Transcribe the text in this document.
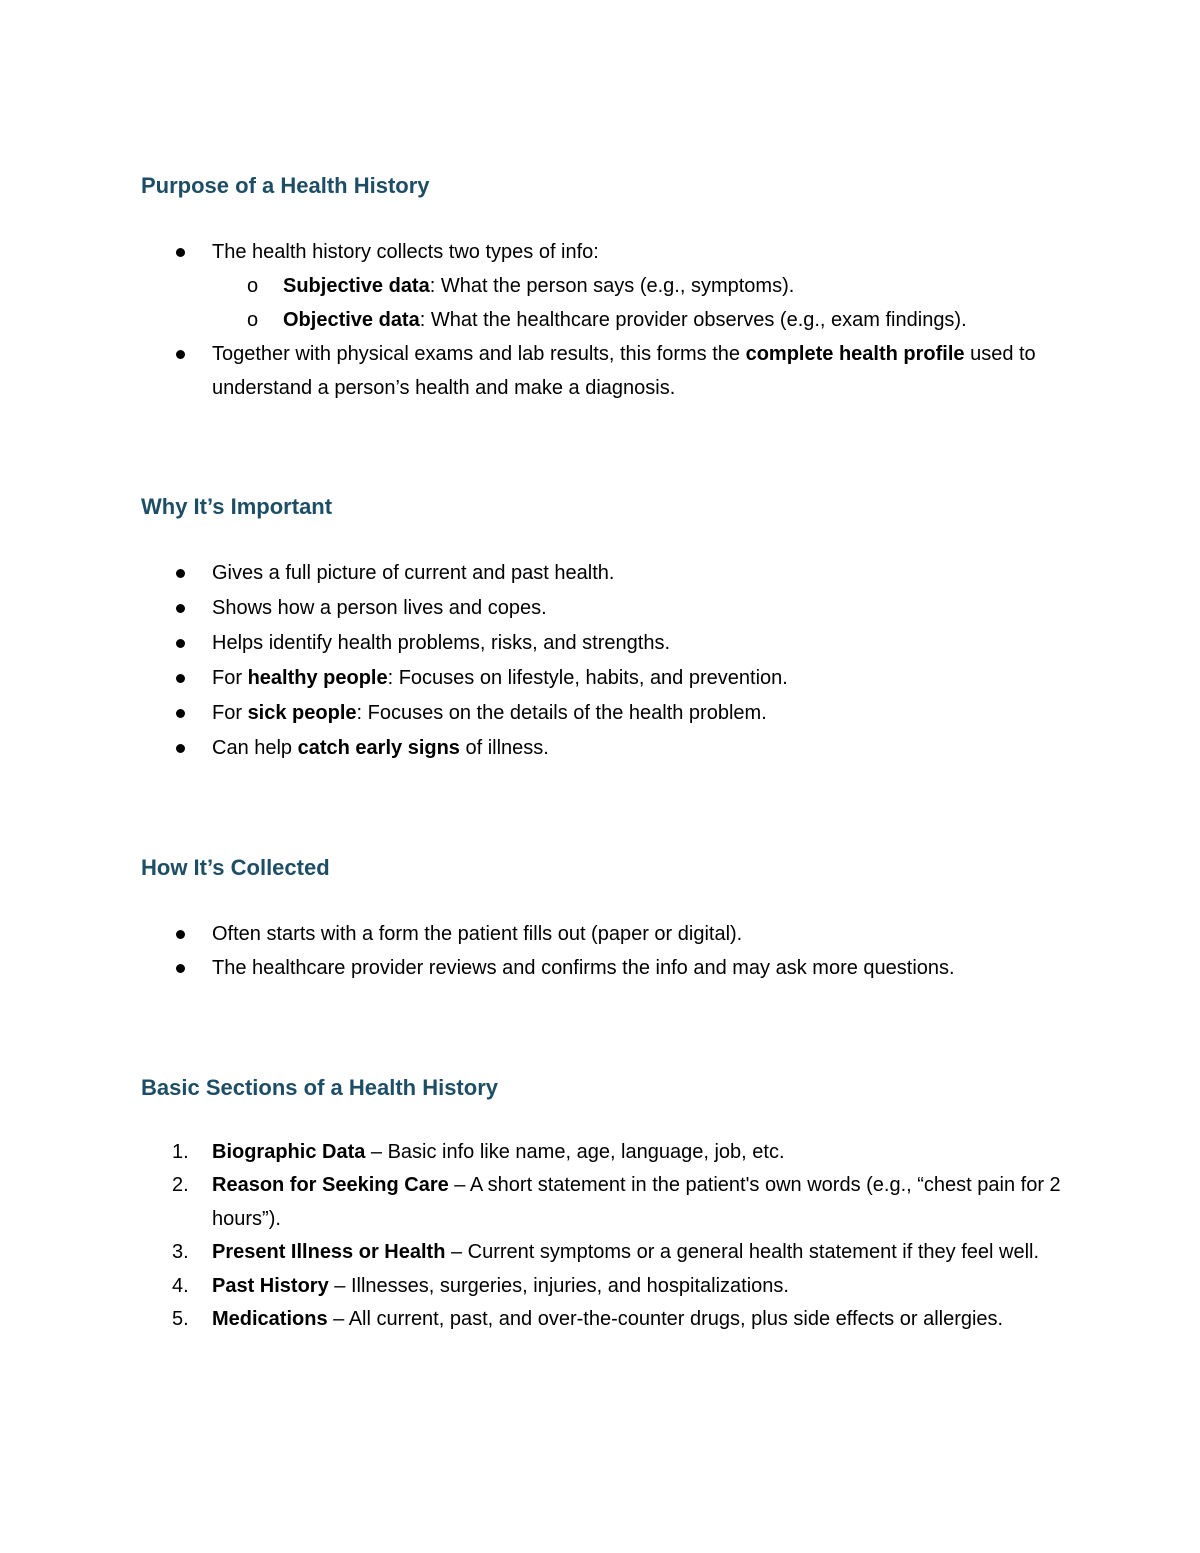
Purpose of a Health History
The health history collects two types of info:
o Subjective data: What the person says (e.g., symptoms).
o Objective data: What the healthcare provider observes (e.g., exam findings).
Together with physical exams and lab results, this forms the complete health profile used to understand a person’s health and make a diagnosis.
Why It’s Important
Gives a full picture of current and past health.
Shows how a person lives and copes.
Helps identify health problems, risks, and strengths.
For healthy people: Focuses on lifestyle, habits, and prevention.
For sick people: Focuses on the details of the health problem.
Can help catch early signs of illness.
How It’s Collected
Often starts with a form the patient fills out (paper or digital).
The healthcare provider reviews and confirms the info and may ask more questions.
Basic Sections of a Health History
1.	Biographic Data – Basic info like name, age, language, job, etc.
2.	Reason for Seeking Care – A short statement in the patient's own words (e.g., “chest pain for 2 hours”).
3.	Present Illness or Health – Current symptoms or a general health statement if they feel well.
4.	Past History – Illnesses, surgeries, injuries, and hospitalizations.
5.	Medications – All current, past, and over-the-counter drugs, plus side effects or allergies.
